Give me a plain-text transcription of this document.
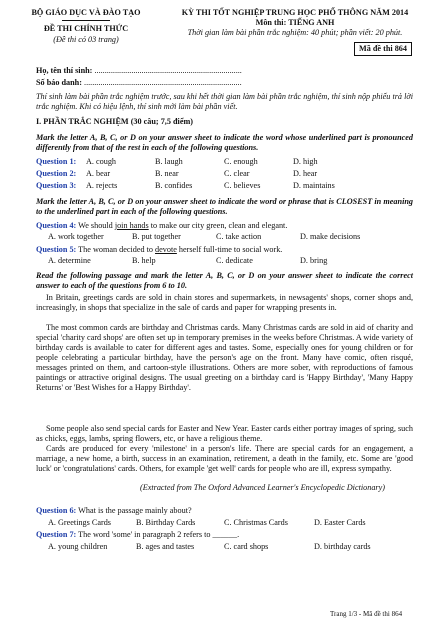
BỘ GIÁO DỤC VÀ ĐÀO TẠO
ĐỀ THI CHÍNH THỨC
(Đề thi có 03 trang)
KỲ THI TỐT NGHIỆP TRUNG HỌC PHỔ THÔNG NĂM 2014
Môn thi: TIẾNG ANH
Thời gian làm bài phần trắc nghiệm: 40 phút; phần viết: 20 phút.
Mã đề thi 864
Họ, tên thí sinh: ........................................................................
Số báo danh: .............................................................................
Thí sinh làm bài phần trắc nghiệm trước, sau khi hết thời gian làm bài phần trắc nghiệm, thí sinh nộp phiếu trả lời trắc nghiệm. Khi có hiệu lệnh, thí sinh mới làm bài phần viết.
I. PHẦN TRẮC NGHIỆM (30 câu; 7,5 điểm)
Mark the letter A, B, C, or D on your answer sheet to indicate the word whose underlined part is pronounced differently from that of the rest in each of the following questions.
Question 1:	A. cough	B. laugh	C. enough	D. high
Question 2:	A. bear	B. near	C. clear	D. hear
Question 3:	A. rejects	B. confides	C. believes	D. maintains
Mark the letter A, B, C, or D on your answer sheet to indicate the word or phrase that is CLOSEST in meaning to the underlined part in each of the following questions.
Question 4: We should join hands to make our city green, clean and elegant.
A. work together	B. put together	C. take action	D. make decisions
Question 5: The woman decided to devote herself full-time to social work.
A. determine	B. help	C. dedicate	D. bring
Read the following passage and mark the letter A, B, C, or D on your answer sheet to indicate the correct answer to each of the questions from 6 to 10.
In Britain, greetings cards are sold in chain stores and supermarkets, in newsagents' shops, corner shops and, increasingly, in shops that specialize in the sale of cards and paper for wrapping presents in.
The most common cards are birthday and Christmas cards. Many Christmas cards are sold in aid of charity and special 'charity card shops' are often set up in temporary premises in the weeks before Christmas. A wide variety of birthday cards is available to cater for different ages and tastes. Some, especially ones for young children or for people celebrating a particular birthday, have the person's age on the front. Many have comic, often risqué, messages printed on them, and cartoon-style illustrations. Others are more sober, with reproductions of famous paintings or attractive original designs. The usual greeting on a birthday card is 'Happy Birthday', 'Many Happy Returns' or 'Best Wishes for a Happy Birthday'.
Some people also send special cards for Easter and New Year. Easter cards either portray images of spring, such as chicks, eggs, lambs, spring flowers, etc, or have a religious theme.
Cards are produced for every 'milestone' in a person's life. There are special cards for an engagement, a marriage, a new home, a birth, success in an examination, retirement, a death in the family, etc. Some are 'good luck' or 'congratulations' cards. Others, for example 'get well' cards for people who are ill, express sympathy.
(Extracted from The Oxford Advanced Learner's Encyclopedic Dictionary)
Question 6: What is the passage mainly about?
A. Greetings Cards	B. Birthday Cards	C. Christmas Cards	D. Easter Cards
Question 7: The word 'some' in paragraph 2 refers to ______.
A. young children	B. ages and tastes	C. card shops	D. birthday cards
Trang 1/3 - Mã đề thi 864
